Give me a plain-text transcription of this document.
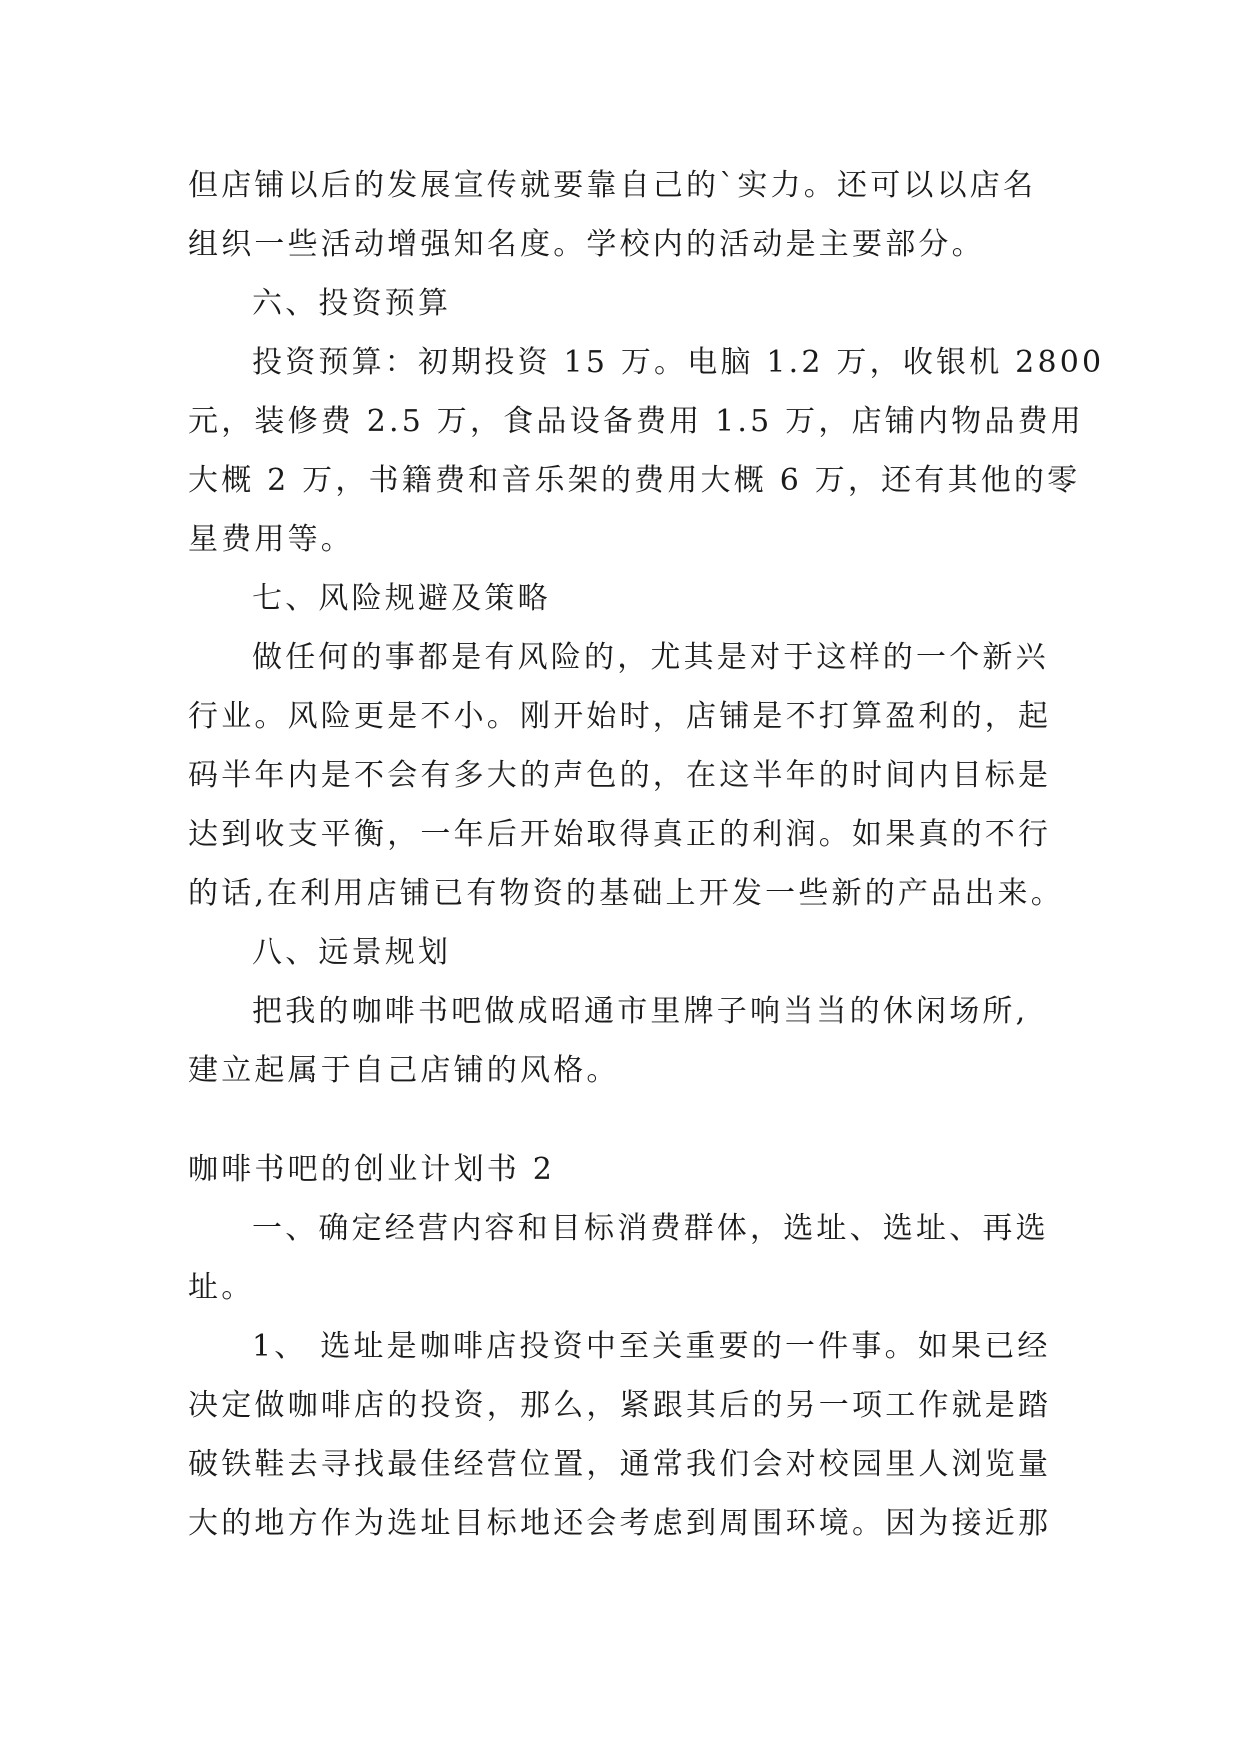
但店铺以后的发展宣传就要靠自己的`实力。还可以以店名
组织一些活动增强知名度。学校内的活动是主要部分。
六、投资预算
投资预算：初期投资 15 万。电脑 1.2 万，收银机 2800
元，装修费 2.5 万，食品设备费用 1.5 万，店铺内物品费用
大概 2 万，书籍费和音乐架的费用大概 6 万，还有其他的零
星费用等。
七、风险规避及策略
做任何的事都是有风险的，尤其是对于这样的一个新兴
行业。风险更是不小。刚开始时，店铺是不打算盈利的，起
码半年内是不会有多大的声色的，在这半年的时间内目标是
达到收支平衡，一年后开始取得真正的利润。如果真的不行
的话,在利用店铺已有物资的基础上开发一些新的产品出来。
八、远景规划
把我的咖啡书吧做成昭通市里牌子响当当的休闲场所,
建立起属于自己店铺的风格。
咖啡书吧的创业计划书 2
一、确定经营内容和目标消费群体，选址、选址、再选
址。
1、 选址是咖啡店投资中至关重要的一件事。如果已经
决定做咖啡店的投资，那么，紧跟其后的另一项工作就是踏
破铁鞋去寻找最佳经营位置，通常我们会对校园里人浏览量
大的地方作为选址目标地还会考虑到周围环境。因为接近那
